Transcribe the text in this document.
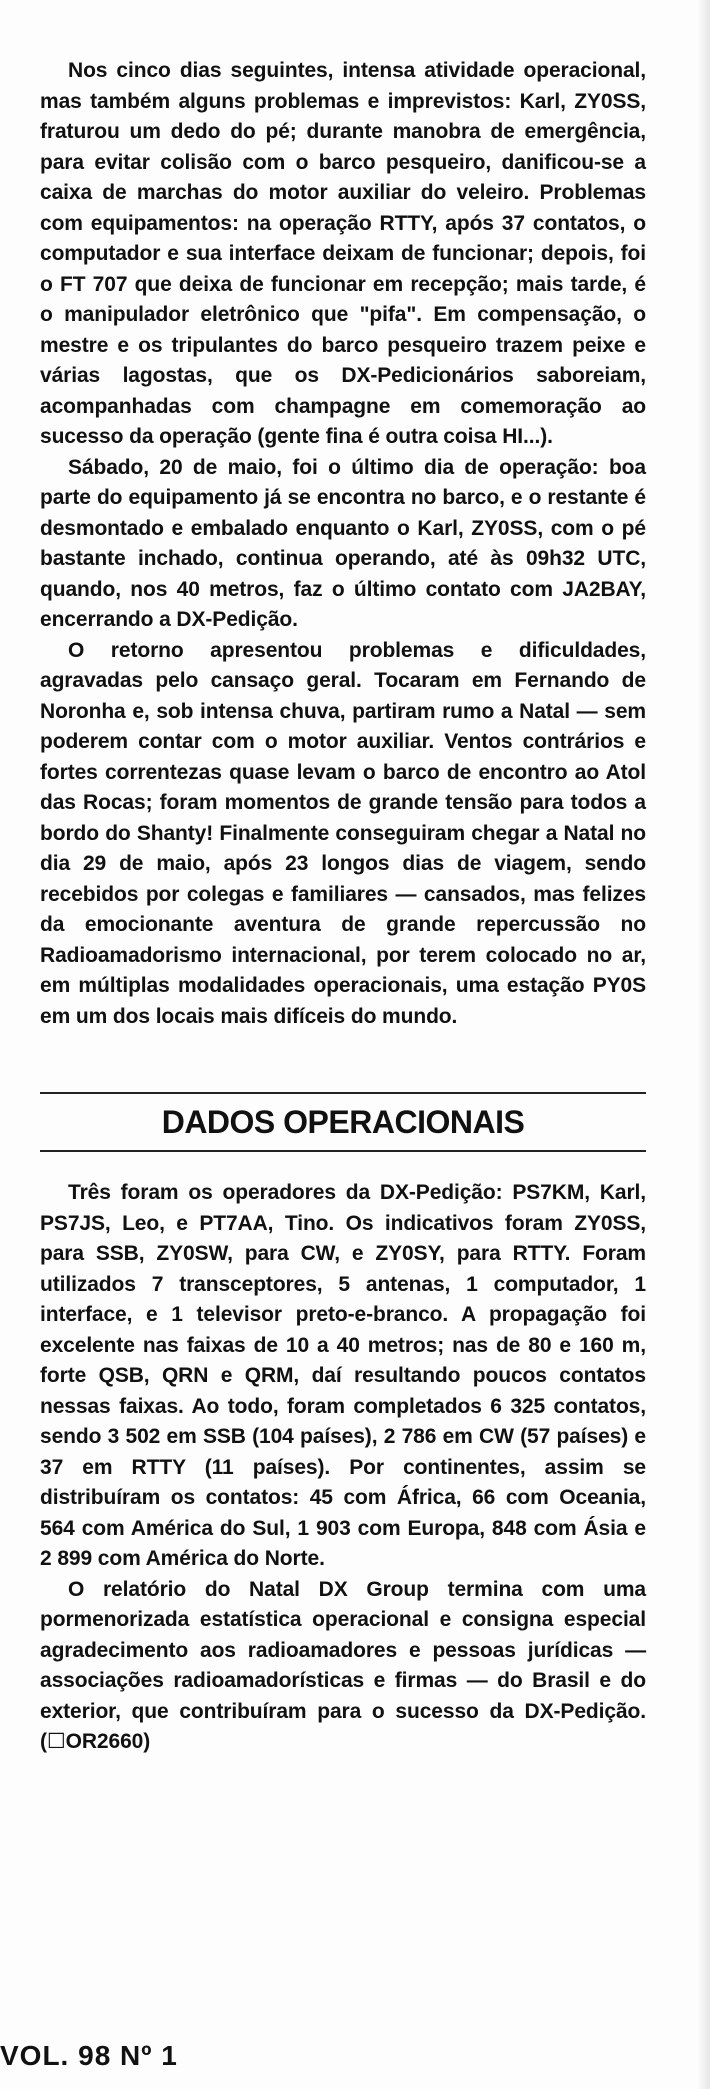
Nos cinco dias seguintes, intensa atividade operacional, mas também alguns problemas e imprevistos: Karl, ZY0SS, fraturou um dedo do pé; durante manobra de emergência, para evitar colisão com o barco pesqueiro, danificou-se a caixa de marchas do motor auxiliar do veleiro. Problemas com equipamentos: na operação RTTY, após 37 contatos, o computador e sua interface deixam de funcionar; depois, foi o FT 707 que deixa de funcionar em recepção; mais tarde, é o manipulador eletrônico que "pifa". Em compensação, o mestre e os tripulantes do barco pesqueiro trazem peixe e várias lagostas, que os DX-Pedicionários saboreiam, acompanhadas com champagne em comemoração ao sucesso da operação (gente fina é outra coisa HI...).

Sábado, 20 de maio, foi o último dia de operação: boa parte do equipamento já se encontra no barco, e o restante é desmontado e embalado enquanto o Karl, ZY0SS, com o pé bastante inchado, continua operando, até às 09h32 UTC, quando, nos 40 metros, faz o último contato com JA2BAY, encerrando a DX-Pedição.

O retorno apresentou problemas e dificuldades, agravadas pelo cansaço geral. Tocaram em Fernando de Noronha e, sob intensa chuva, partiram rumo a Natal — sem poderem contar com o motor auxiliar. Ventos contrários e fortes correntezas quase levam o barco de encontro ao Atol das Rocas; foram momentos de grande tensão para todos a bordo do Shanty! Finalmente conseguiram chegar a Natal no dia 29 de maio, após 23 longos dias de viagem, sendo recebidos por colegas e familiares — cansados, mas felizes da emocionante aventura de grande repercussão no Radioamadorismo internacional, por terem colocado no ar, em múltiplas modalidades operacionais, uma estação PY0S em um dos locais mais difíceis do mundo.

DADOS OPERACIONAIS

Três foram os operadores da DX-Pedição: PS7KM, Karl, PS7JS, Leo, e PT7AA, Tino. Os indicativos foram ZY0SS, para SSB, ZY0SW, para CW, e ZY0SY, para RTTY. Foram utilizados 7 transceptores, 5 antenas, 1 computador, 1 interface, e 1 televisor preto-e-branco. A propagação foi excelente nas faixas de 10 a 40 metros; nas de 80 e 160 m, forte QSB, QRN e QRM, daí resultando poucos contatos nessas faixas. Ao todo, foram completados 6 325 contatos, sendo 3 502 em SSB (104 países), 2 786 em CW (57 países) e 37 em RTTY (11 países). Por continentes, assim se distribuíram os contatos: 45 com África, 66 com Oceania, 564 com América do Sul, 1 903 com Europa, 848 com Ásia e 2 899 com América do Norte.

O relatório do Natal DX Group termina com uma pormenorizada estatística operacional e consigna especial agradecimento aos radioamadores e pessoas jurídicas — associações radioamadorísticas e firmas — do Brasil e do exterior, que contribuíram para o sucesso da DX-Pedição.(☐OR2660)

VOL. 98 Nº 1
